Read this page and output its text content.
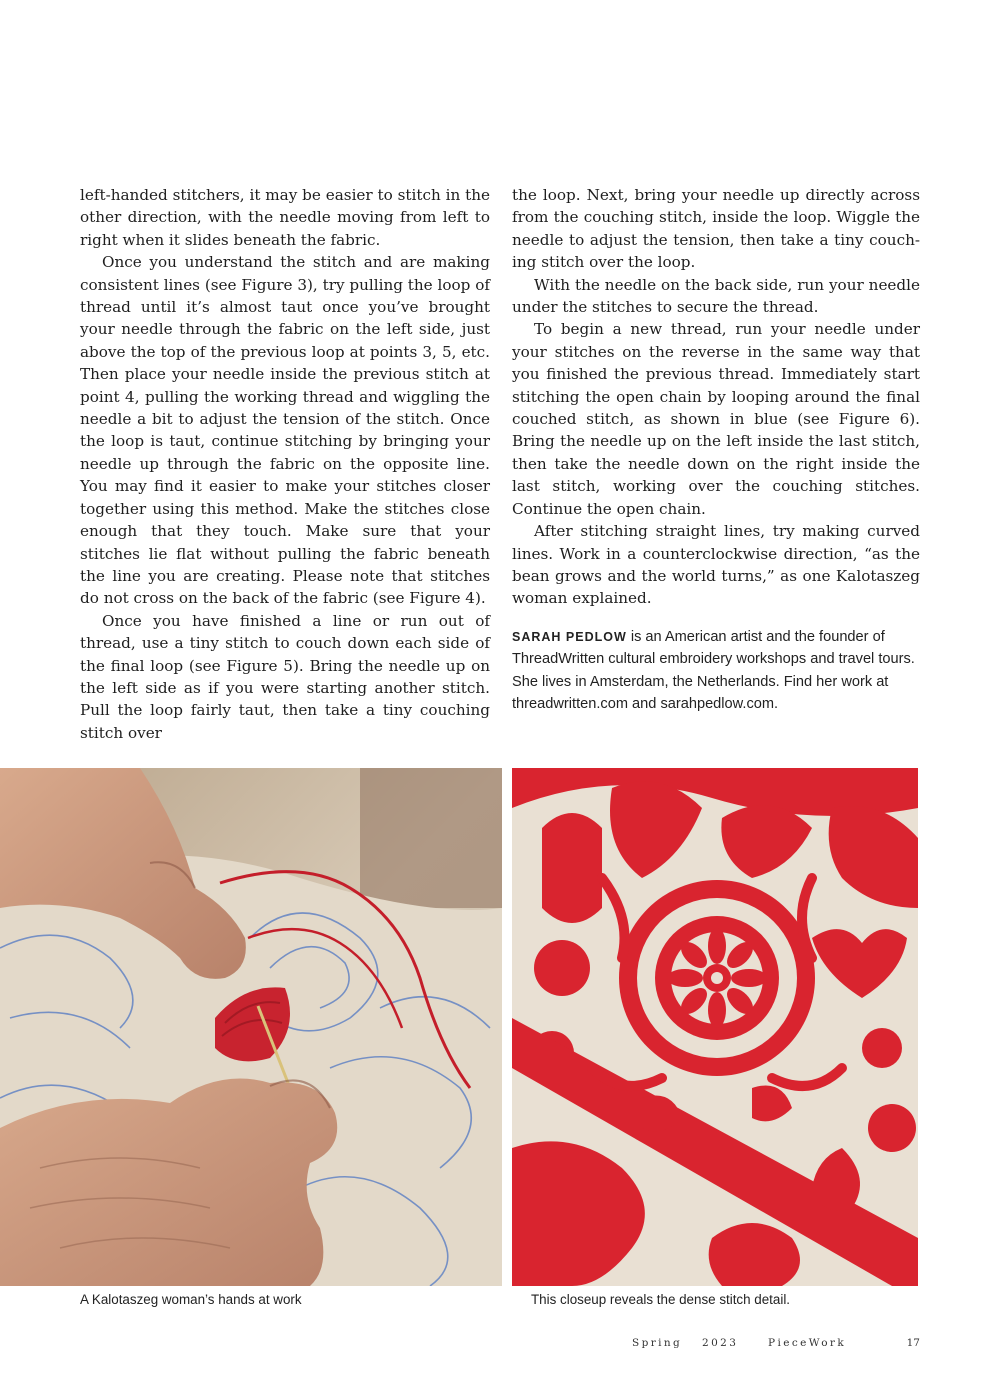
left-handed stitchers, it may be easier to stitch in the other direction, with the needle moving from left to right when it slides beneath the fabric.

Once you understand the stitch and are making consistent lines (see Figure 3), try pulling the loop of thread until it’s almost taut once you’ve brought your needle through the fabric on the left side, just above the top of the previous loop at points 3, 5, etc. Then place your needle inside the previous stitch at point 4, pulling the working thread and wiggling the needle a bit to adjust the tension of the stitch. Once the loop is taut, continue stitching by bringing your needle up through the fabric on the opposite line. You may find it easier to make your stitches closer together using this method. Make the stitches close enough that they touch. Make sure that your stitches lie flat without pulling the fabric beneath the line you are creating. Please note that stitches do not cross on the back of the fabric (see Figure 4).

Once you have finished a line or run out of thread, use a tiny stitch to couch down each side of the final loop (see Figure 5). Bring the needle up on the left side as if you were starting another stitch. Pull the loop fairly taut, then take a tiny couching stitch over

the loop. Next, bring your needle up directly across from the couching stitch, inside the loop. Wiggle the needle to adjust the tension, then take a tiny couch-ing stitch over the loop.

With the needle on the back side, run your needle under the stitches to secure the thread.

To begin a new thread, run your needle under your stitches on the reverse in the same way that you finished the previous thread. Immediately start stitching the open chain by looping around the final couched stitch, as shown in blue (see Figure 6). Bring the needle up on the left inside the last stitch, then take the needle down on the right inside the last stitch, working over the couching stitches. Continue the open chain.

After stitching straight lines, try making curved lines. Work in a counterclockwise direction, “as the bean grows and the world turns,” as one Kalotaszeg woman explained.

SARAH PEDLOW is an American artist and the founder of ThreadWritten cultural embroidery workshops and travel tours. She lives in Amsterdam, the Netherlands. Find her work at threadwritten.com and sarahpedlow.com.

A Kalotaszeg woman’s hands at work	This closeup reveals the dense stitch detail.
Spring	2023	PieceWork	17
